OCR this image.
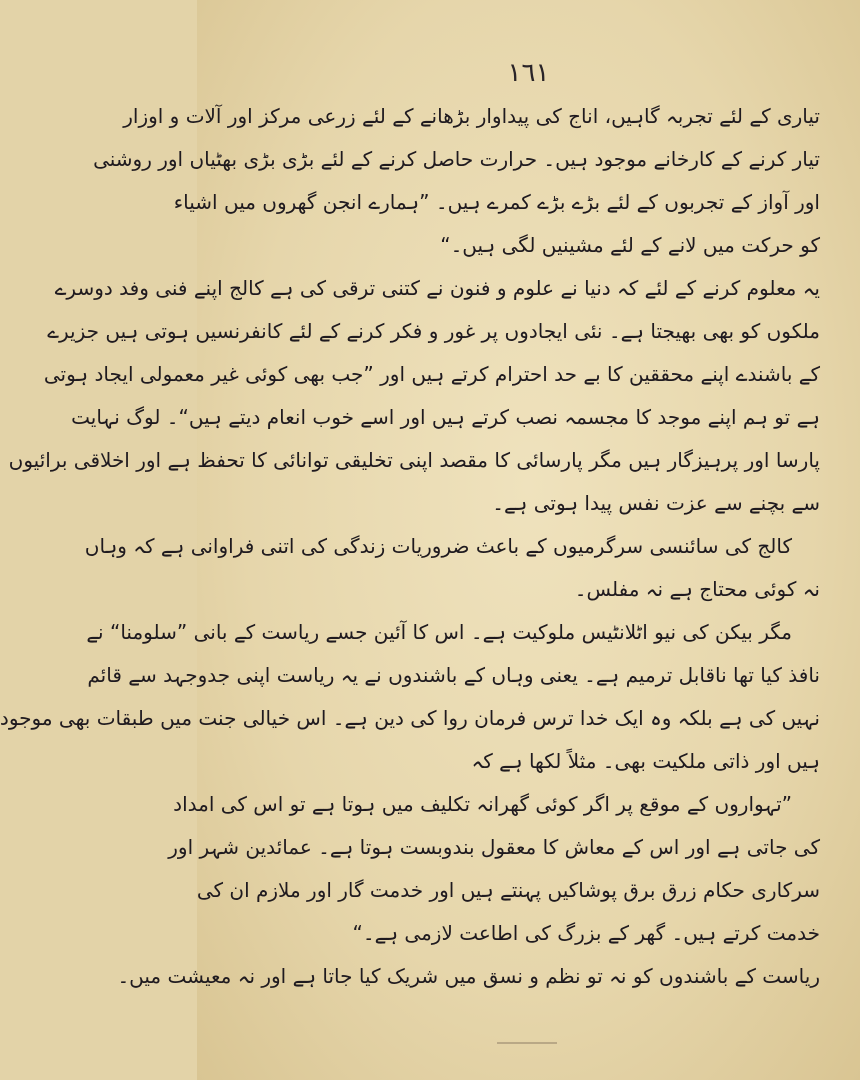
١٦١
تیاری کے لئے تجربہ گاہیں، اناج کی پیداوار بڑھانے کے لئے زرعی مرکز اور آلات و اوزار
تیار کرنے کے کارخانے موجود ہیں۔ حرارت حاصل کرنے کے لئے بڑی بڑی بھٹیاں اور روشنی
اور آواز کے تجربوں کے لئے بڑے بڑے کمرے ہیں۔ ”ہمارے انجن گھروں میں اشیاء
کو حرکت میں لانے کے لئے مشینیں لگی ہیں۔“
یہ معلوم کرنے کے لئے کہ دنیا نے علوم و فنون نے کتنی ترقی کی ہے کالج اپنے فنی وفد دوسرے
ملکوں کو بھی بھیجتا ہے۔ نئی ایجادوں پر غور و فکر کرنے کے لئے کانفرنسیں ہوتی ہیں جزیرے
کے باشندے اپنے محققین کا بے حد احترام کرتے ہیں اور ”جب بھی کوئی غیر معمولی ایجاد ہوتی
ہے تو ہم اپنے موجد کا مجسمہ نصب کرتے ہیں اور اسے خوب انعام دیتے ہیں“۔ لوگ نہایت
پارسا اور پرہیزگار ہیں مگر پارسائی کا مقصد اپنی تخلیقی توانائی کا تحفظ ہے اور اخلاقی برائیوں
سے بچنے سے عزت نفس پیدا ہوتی ہے۔
کالج کی سائنسی سرگرمیوں کے باعث ضروریات زندگی کی اتنی فراوانی ہے کہ وہاں
نہ کوئی محتاج ہے نہ مفلس۔
مگر بیکن کی نیو اٹلانٹیس ملوکیت ہے۔ اس کا آئین جسے ریاست کے بانی ”سلومنا“ نے
نافذ کیا تھا ناقابل ترمیم ہے۔ یعنی وہاں کے باشندوں نے یہ ریاست اپنی جدوجہد سے قائم
نہیں کی ہے بلکہ وہ ایک خدا ترس فرمان روا کی دین ہے۔ اس خیالی جنت میں طبقات بھی موجود
ہیں اور ذاتی ملکیت بھی۔ مثلاً لکھا ہے کہ
”تہواروں کے موقع پر اگر کوئی گھرانہ تکلیف میں ہوتا ہے تو اس کی امداد
کی جاتی ہے اور اس کے معاش کا معقول بندوبست ہوتا ہے۔ عمائدین شہر اور
سرکاری حکام زرق برق پوشاکیں پہنتے ہیں اور خدمت گار اور ملازم ان کی
خدمت کرتے ہیں۔ گھر کے بزرگ کی اطاعت لازمی ہے۔“
ریاست کے باشندوں کو نہ تو نظم و نسق میں شریک کیا جاتا ہے اور نہ معیشت میں۔
